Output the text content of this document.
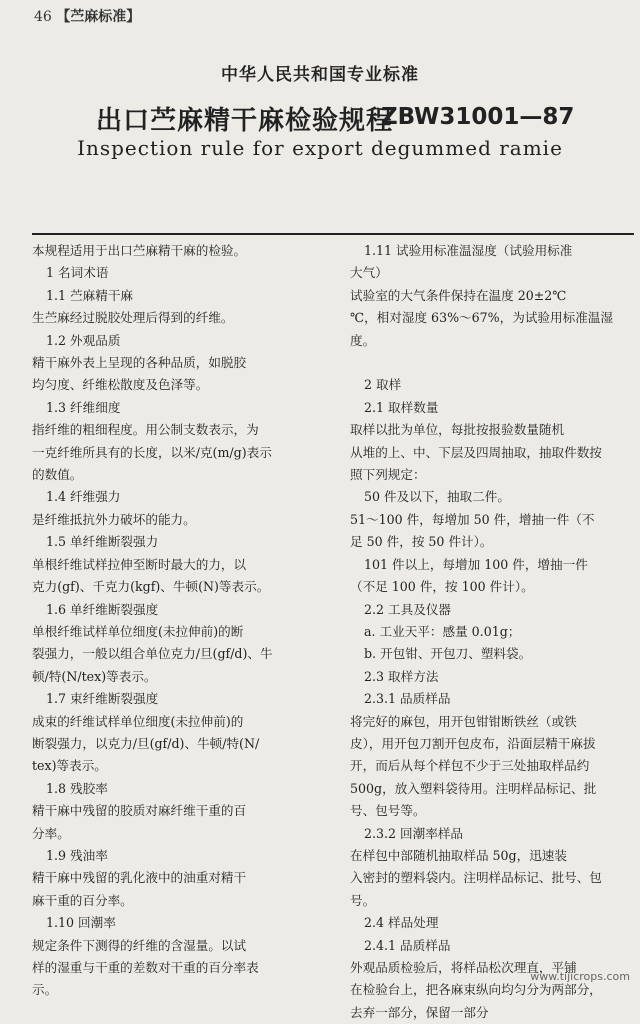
46 【苎麻标准】
中华人民共和国专业标准
出口苎麻精干麻检验规程
ZBW31001—87
Inspection rule for export degummed ramie

本规程适用于出口苎麻精干麻的检验。

1 名词术语

1.1 苎麻精干麻

生苎麻经过脱胶处理后得到的纤维。

1.2 外观品质

精干麻外表上呈现的各种品质，如脱胶

均匀度、纤维松散度及色泽等。

1.3 纤维细度

指纤维的粗细程度。用公制支数表示，为

一克纤维所具有的长度，以米/克(m/g)表示

的数值。

1.4 纤维强力

是纤维抵抗外力破坏的能力。

1.5 单纤维断裂强力

单根纤维试样拉伸至断时最大的力，以

克力(gf)、千克力(kgf)、牛顿(N)等表示。

1.6 单纤维断裂强度

单根纤维试样单位细度(未拉伸前)的断

裂强力，一般以组合单位克力/旦(gf/d)、牛

顿/特(N/tex)等表示。

1.7 束纤维断裂强度

成束的纤维试样单位细度(未拉伸前)的

断裂强力，以克力/旦(gf/d)、牛顿/特(N/

tex)等表示。

1.8 残胶率

精干麻中残留的胶质对麻纤维干重的百

分率。

1.9 残油率

精干麻中残留的乳化液中的油重对精干

麻干重的百分率。

1.10 回潮率

规定条件下测得的纤维的含湿量。以试

样的湿重与干重的差数对干重的百分率表

示。

1.11 试验用标准温湿度（试验用标准

大气）

试验室的大气条件保持在温度 20±2℃

℃，相对湿度 63%～67%，为试验用标准温湿

度。

2 取样

2.1 取样数量

取样以批为单位，每批按报验数量随机

从堆的上、中、下层及四周抽取，抽取件数按

照下列规定：

50 件及以下，抽取二件。

51～100 件，每增加 50 件，增抽一件（不

足 50 件，按 50 件计）。

101 件以上，每增加 100 件，增抽一件

（不足 100 件，按 100 件计）。

2.2 工具及仪器

a. 工业天平：感量 0.01g；

b. 开包钳、开包刀、塑料袋。

2.3 取样方法

2.3.1 品质样品

将完好的麻包，用开包钳钳断铁丝（或铁

皮），用开包刀割开包皮布，沿面层精干麻拔

开，而后从每个样包不少于三处抽取样品约

500g，放入塑料袋待用。注明样品标记、批

号、包号等。

2.3.2 回潮率样品

在样包中部随机抽取样品 50g，迅速装

入密封的塑料袋内。注明样品标记、批号、包

号。

2.4 样品处理

2.4.1 品质样品

外观品质检验后，将样品松次理直，平铺

在检验台上，把各麻束纵向均匀分为两部分，

去弃一部分，保留一部分

www.tijicrops.com
